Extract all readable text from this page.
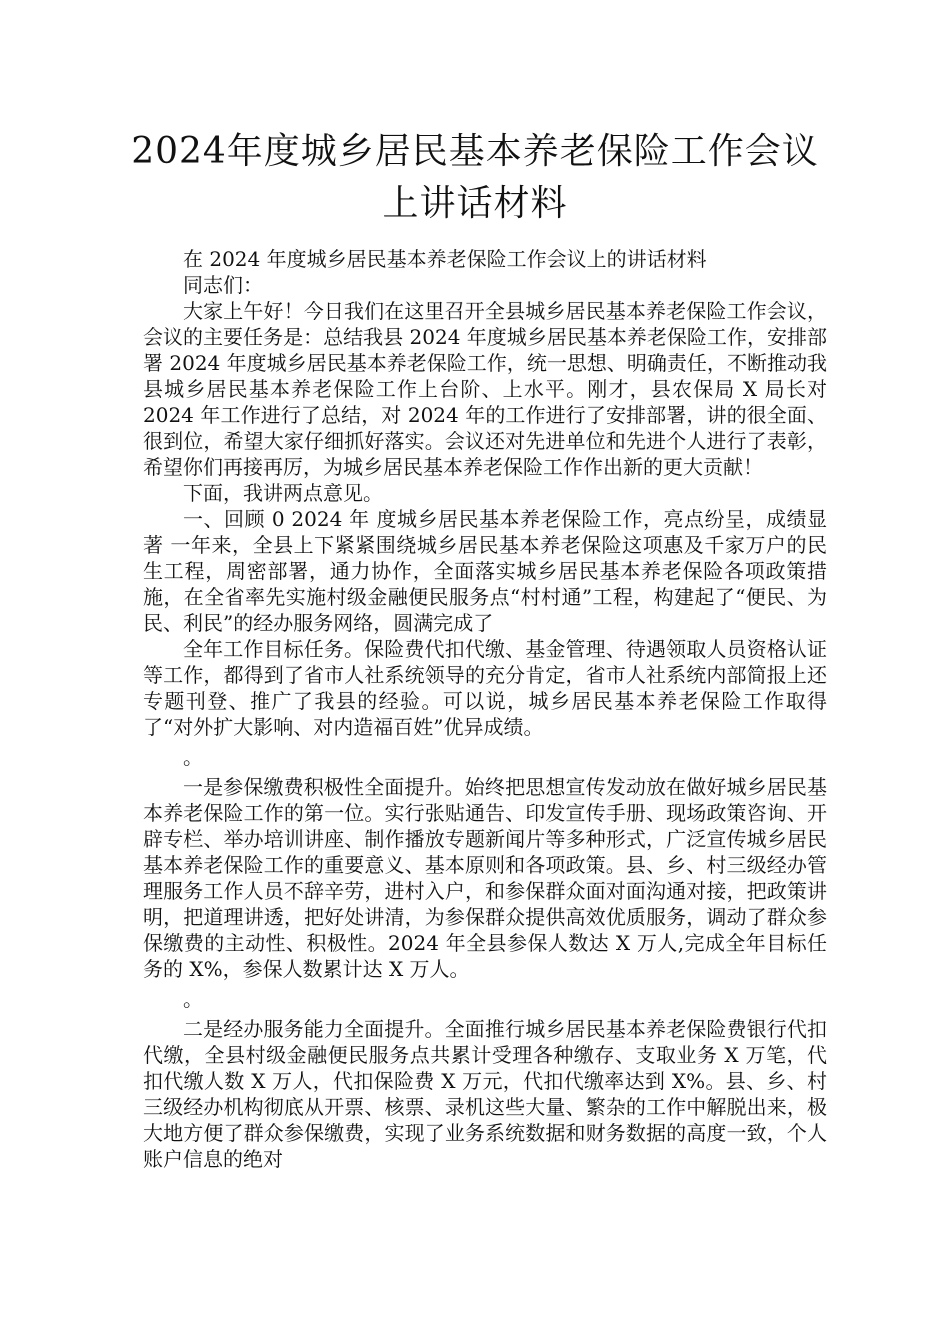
2024年度城乡居民基本养老保险工作会议
上讲话材料

在 2024 年度城乡居民基本养老保险工作会议上的讲话材料

同志们：

大家上午好！今日我们在这里召开全县城乡居民基本养老保险工作会议，会议的主要任务是：总结我县 2024 年度城乡居民基本养老保险工作，安排部署 2024 年度城乡居民基本养老保险工作，统一思想、明确责任，不断推动我县城乡居民基本养老保险工作上台阶、上水平。刚才，县农保局 X 局长对 2024 年工作进行了总结，对 2024 年的工作进行了安排部署，讲的很全面、很到位，希望大家仔细抓好落实。会议还对先进单位和先进个人进行了表彰，希望你们再接再厉，为城乡居民基本养老保险工作作出新的更大贡献！

下面，我讲两点意见。

一、回顾 0 2024 年 度城乡居民基本养老保险工作，亮点纷呈，成绩显著 一年来，全县上下紧紧围绕城乡居民基本养老保险这项惠及千家万户的民生工程，周密部署，通力协作，全面落实城乡居民基本养老保险各项政策措施，在全省率先实施村级金融便民服务点“村村通”工程，构建起了“便民、为民、利民”的经办服务网络，圆满完成了

全年工作目标任务。保险费代扣代缴、基金管理、待遇领取人员资格认证等工作，都得到了省市人社系统领导的充分肯定，省市人社系统内部简报上还专题刊登、推广了我县的经验。可以说，城乡居民基本养老保险工作取得了“对外扩大影响、对内造福百姓”优异成绩。

。

一是参保缴费积极性全面提升。始终把思想宣传发动放在做好城乡居民基本养老保险工作的第一位。实行张贴通告、印发宣传手册、现场政策咨询、开辟专栏、举办培训讲座、制作播放专题新闻片等多种形式，广泛宣传城乡居民基本养老保险工作的重要意义、基本原则和各项政策。县、乡、村三级经办管理服务工作人员不辞辛劳，进村入户，和参保群众面对面沟通对接，把政策讲明，把道理讲透，把好处讲清，为参保群众提供高效优质服务，调动了群众参保缴费的主动性、积极性。2024 年全县参保人数达 X 万人,完成全年目标任务的 X%，参保人数累计达 X 万人。

。

二是经办服务能力全面提升。全面推行城乡居民基本养老保险费银行代扣代缴，全县村级金融便民服务点共累计受理各种缴存、支取业务 X 万笔，代扣代缴人数 X 万人，代扣保险费 X 万元，代扣代缴率达到 X%。县、乡、村三级经办机构彻底从开票、核票、录机这些大量、繁杂的工作中解脱出来，极大地方便了群众参保缴费，实现了业务系统数据和财务数据的高度一致，个人账户信息的绝对
